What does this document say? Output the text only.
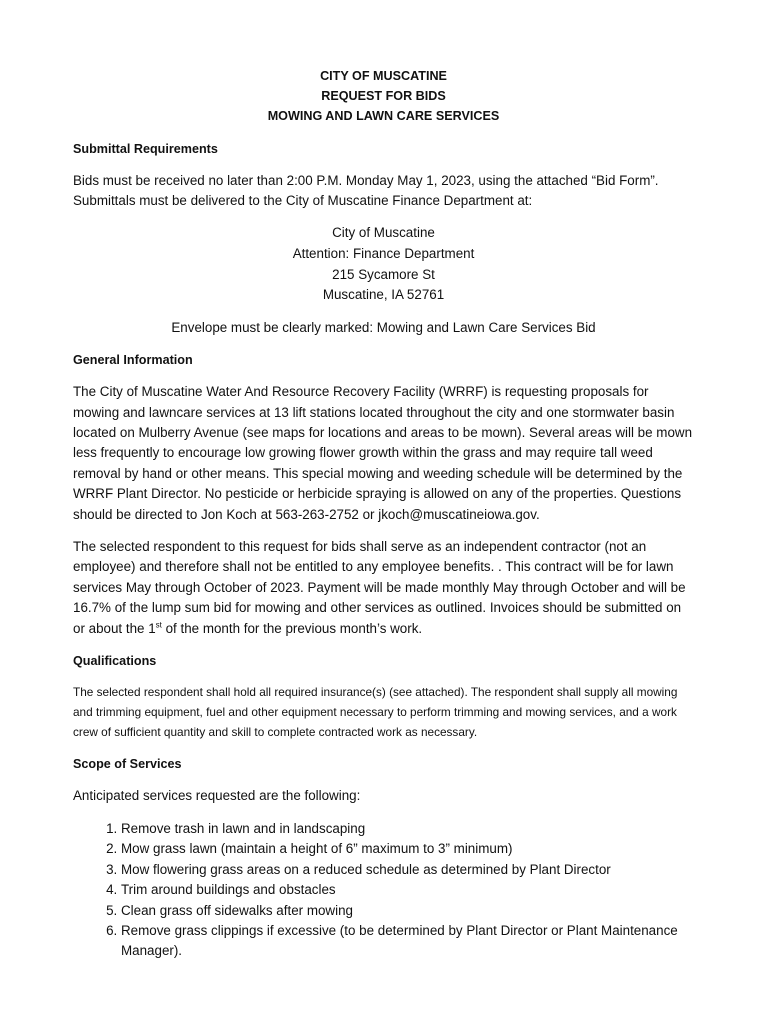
CITY OF MUSCATINE
REQUEST FOR BIDS
MOWING AND LAWN CARE SERVICES
Submittal Requirements

Bids must be received no later than 2:00 P.M. Monday May 1, 2023, using the attached “Bid Form”. Submittals must be delivered to the City of Muscatine Finance Department at:

City of Muscatine
Attention: Finance Department
215 Sycamore St
Muscatine, IA 52761

Envelope must be clearly marked: Mowing and Lawn Care Services Bid

General Information

The City of Muscatine Water And Resource Recovery Facility (WRRF) is requesting proposals for mowing and lawncare services at 13 lift stations located throughout the city and one stormwater basin located on Mulberry Avenue (see maps for locations and areas to be mown). Several areas will be mown less frequently to encourage low growing flower growth within the grass and may require tall weed removal by hand or other means. This special mowing and weeding schedule will be determined by the WRRF Plant Director. No pesticide or herbicide spraying is allowed on any of the properties. Questions should be directed to Jon Koch at 563-263-2752 or jkoch@muscatineiowa.gov.

The selected respondent to this request for bids shall serve as an independent contractor (not an employee) and therefore shall not be entitled to any employee benefits. . This contract will be for lawn services May through October of 2023. Payment will be made monthly May through October and will be 16.7% of the lump sum bid for mowing and other services as outlined. Invoices should be submitted on or about the 1st of the month for the previous month’s work.

Qualifications

The selected respondent shall hold all required insurance(s) (see attached). The respondent shall supply all mowing and trimming equipment, fuel and other equipment necessary to perform trimming and mowing services, and a work crew of sufficient quantity and skill to complete contracted work as necessary.

Scope of Services

Anticipated services requested are the following:

1. Remove trash in lawn and in landscaping
2. Mow grass lawn (maintain a height of 6” maximum to 3” minimum)
3. Mow flowering grass areas on a reduced schedule as determined by Plant Director
4. Trim around buildings and obstacles
5. Clean grass off sidewalks after mowing
6. Remove grass clippings if excessive (to be determined by Plant Director or Plant Maintenance Manager).
